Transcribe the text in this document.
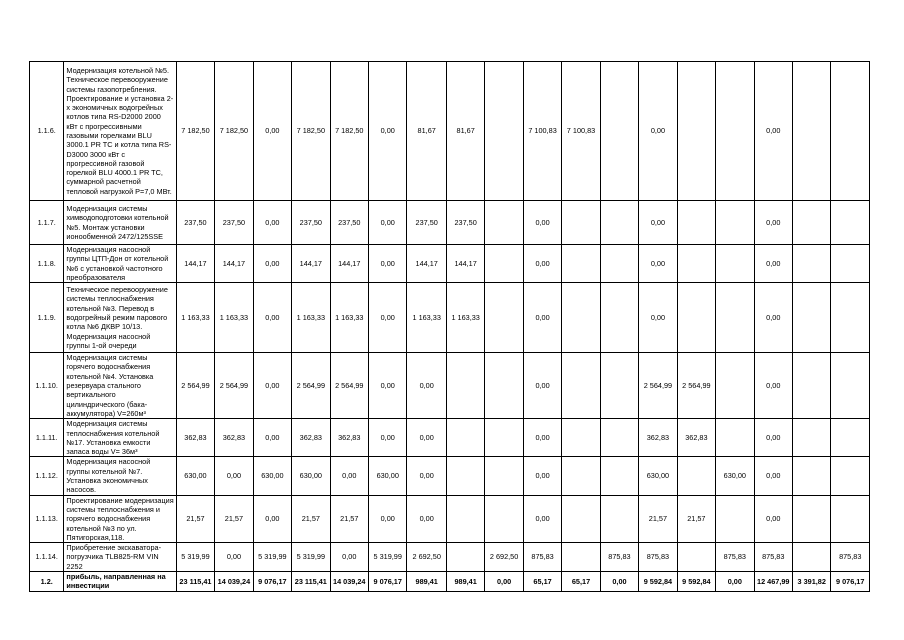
1.1.6.	Модернизация котельной №5. Техническое перевооружение системы газопотребления. Проектирование и установка 2-х экономичных водогрейных котлов типа RS-D2000 2000 кВт с прогрессивными газовыми горелками BLU 3000.1 PR TC и котла типа RS-D3000 3000 кВт с прогрессивной газовой горелкой BLU 4000.1 PR TC, суммарной расчетной тепловой нагрузкой P=7,0 МВт.	7 182,50	7 182,50	0,00	7 182,50	7 182,50	0,00	81,67	81,67		7 100,83	7 100,83		0,00			0,00		
1.1.7.	Модернизация системы химводоподготовки котельной №5. Монтаж установки ионообменной 2472/125SSE	237,50	237,50	0,00	237,50	237,50	0,00	237,50	237,50		0,00			0,00			0,00		
1.1.8.	Модернизация насосной группы ЦТП-Дон от котельной №6 с установкой частотного преобразователя	144,17	144,17	0,00	144,17	144,17	0,00	144,17	144,17		0,00			0,00			0,00		
1.1.9.	Техническое перевооружение системы теплоснабжения котельной №3. Перевод в водогрейный режим парового котла №6 ДКВР 10/13. Модернизация насосной группы 1-ой очереди	1 163,33	1 163,33	0,00	1 163,33	1 163,33	0,00	1 163,33	1 163,33		0,00			0,00			0,00		
1.1.10.	Модернизация системы горячего водоснабжения котельной №4. Установка резервуара стального вертикального цилиндрического (бака-аккумулятора) V=260м³	2 564,99	2 564,99	0,00	2 564,99	2 564,99	0,00	0,00			0,00			2 564,99	2 564,99		0,00		
1.1.11.	Модернизация системы теплоснабжения котельной №17. Установка емкости запаса воды V= 36м³	362,83	362,83	0,00	362,83	362,83	0,00	0,00			0,00			362,83	362,83		0,00		
1.1.12.	Модернизация насосной группы котельной №7. Установка экономичных насосов.	630,00	0,00	630,00	630,00	0,00	630,00	0,00			0,00			630,00		630,00	0,00		
1.1.13.	Проектирование модернизация системы теплоснабжения и горячего водоснабжения котельной №3 по ул. Пятигорская,118.	21,57	21,57	0,00	21,57	21,57	0,00	0,00			0,00			21,57	21,57		0,00		
1.1.14.	Приобретение экскаватора-погрузчика TLB825-RM VIN 2252	5 319,99	0,00	5 319,99	5 319,99	0,00	5 319,99	2 692,50		2 692,50	875,83		875,83	875,83		875,83	875,83		875,83
1.2.	прибыль, направленная на инвестиции	23 115,41	14 039,24	9 076,17	23 115,41	14 039,24	9 076,17	989,41	989,41	0,00	65,17	65,17	0,00	9 592,84	9 592,84	0,00	12 467,99	3 391,82	9 076,17
